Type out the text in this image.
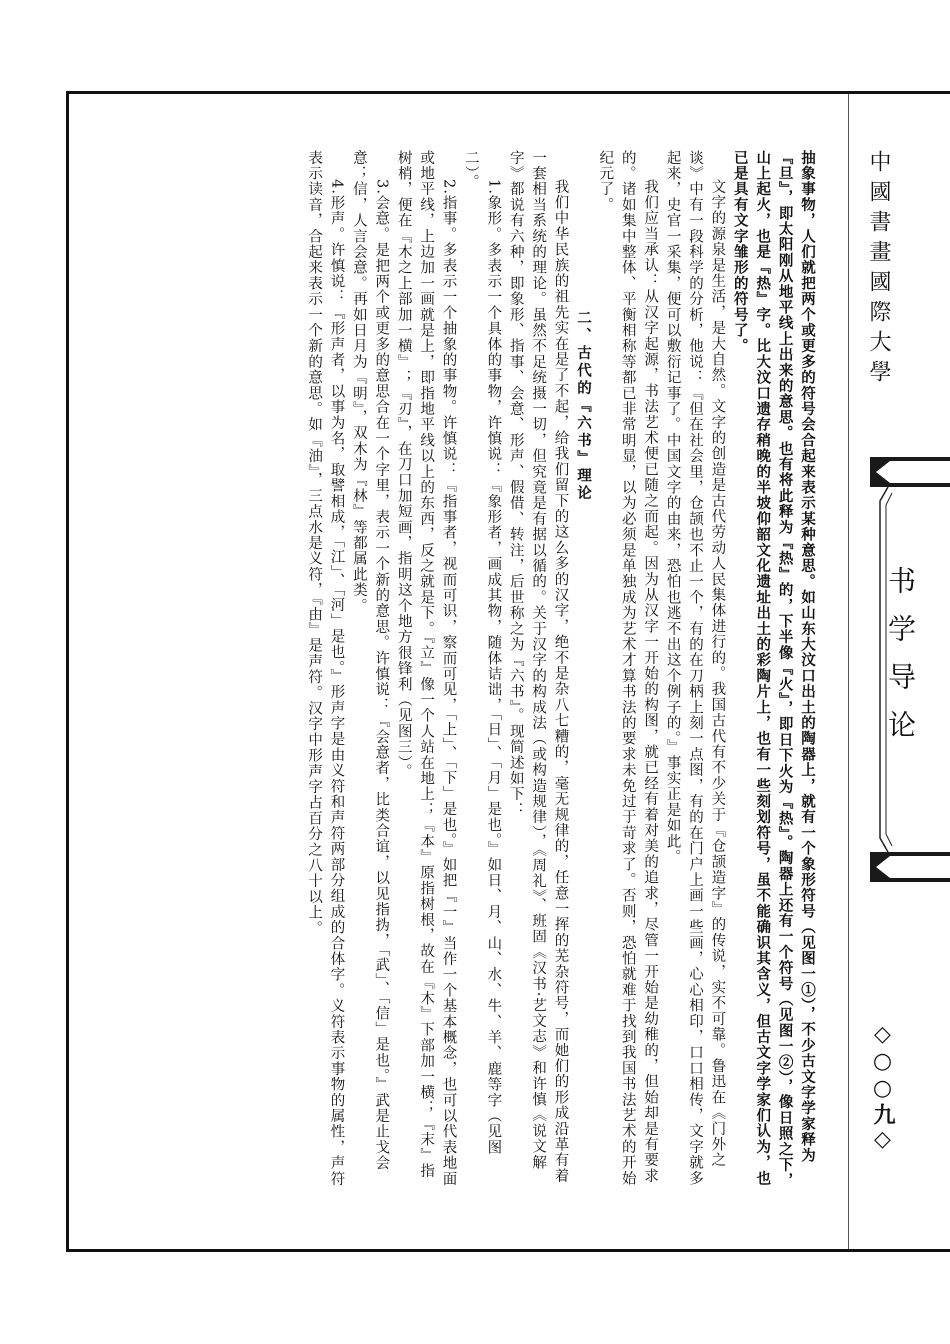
抽象事物，人们就把两个或更多的符号会合起来表示某种意思。如山东大汶口出土的陶器上，就有一个象形符号（见图一①），不少古文字学家释为『旦』，即太阳刚从地平线上出来的意思。也有将此释为『热』的，下半像『火』，即日下火为『热』。陶器上还有一个符号（见图一②），像日照之下，山上起火，也是『热』字。比大汶口遗存稍晚的半坡仰韶文化遗址出土的彩陶片上，也有一些刻划符号，虽不能确识其含义，但古文字学家们认为，也已是具有文字雏形的符号了。

文字的源泉是生活，是大自然。文字的创造是古代劳动人民集体进行的。我国古代有不少关于『仓颉造字』的传说，实不可靠。鲁迅在《门外之谈》中有一段科学的分析，他说：『但在社会里，仓颉也不止一个，有的在刀柄上刻一点图，有的在门户上画一些画，心心相印，口口相传，文字就多起来，史官一采集，便可以敷衍记事了。中国文字的由来，恐怕也逃不出这个例子的。』事实正是如此。

我们应当承认：从汉字起源，书法艺术便已随之而起。因为从汉字一开始的构图，就已经有着对美的追求，尽管一开始是幼稚的，但始却是有要求的。诸如集中整体、平衡相称等都已非常明显，以为必须是单独成为艺术才算书法的要求未免过于苛求了。否则，恐怕就难于找到我国书法艺术的开始纪元了。

二、古代的『六书』理论

我们中华民族的祖先实在是了不起，给我们留下的这么多的汉字，绝不是杂八七糟的，毫无规律的，任意一挥的芜杂符号，而她们的形成沿革有着一套相当系统的理论。虽然不足统摄一切，但究竟是有据以循的。关于汉字的构成法（或构造规律），《周礼》、班固《汉书·艺文志》和许慎《说文解字》都说有六种，即象形、指事、会意、形声、假借、转注，后世称之为『六书』。现简述如下：

1.象形。多表示一个具体的事物，许慎说：『象形者，画成其物，随体诘诎，「日」、「月」是也。』如日、月、山、水、牛、羊、鹿等字（见图二）。

2.指事。多表示一个抽象的事物。许慎说：『指事者，视而可识，察而可见，「上」、「下」是也。』如把『一』当作一个基本概念，也可以代表地面或地平线，上边加一画就是上，即指地平线以上的东西，反之就是下。『立』像一个人站在地上；『本』原指树根，故在『木』下部加一横；『末』指树梢，便在『木之上部加一横』；『刃』，在刀口加短画，指明这个地方很锋利（见图三）。

3.会意。是把两个或更多的意思合在一个字里，表示一个新的意思。许慎说：『会意者，比类合谊，以见指㧑，「武」、「信」是也。』武是止戈会意；信，人言会意。再如日月为『明』，双木为『林』等都属此类。

4.形声。许慎说：『形声者，以事为名，取譬相成，「江」、「河」是也。』形声字是由义符和声符两部分组成的合体字。义符表示事物的属性，声符表示读音，合起来表示一个新的意思。如『油』，三点水是义符，『由』是声符。汉字中形声字占百分之八十以上。	中國書畫國際大學
书学导论
◇○○九◇
